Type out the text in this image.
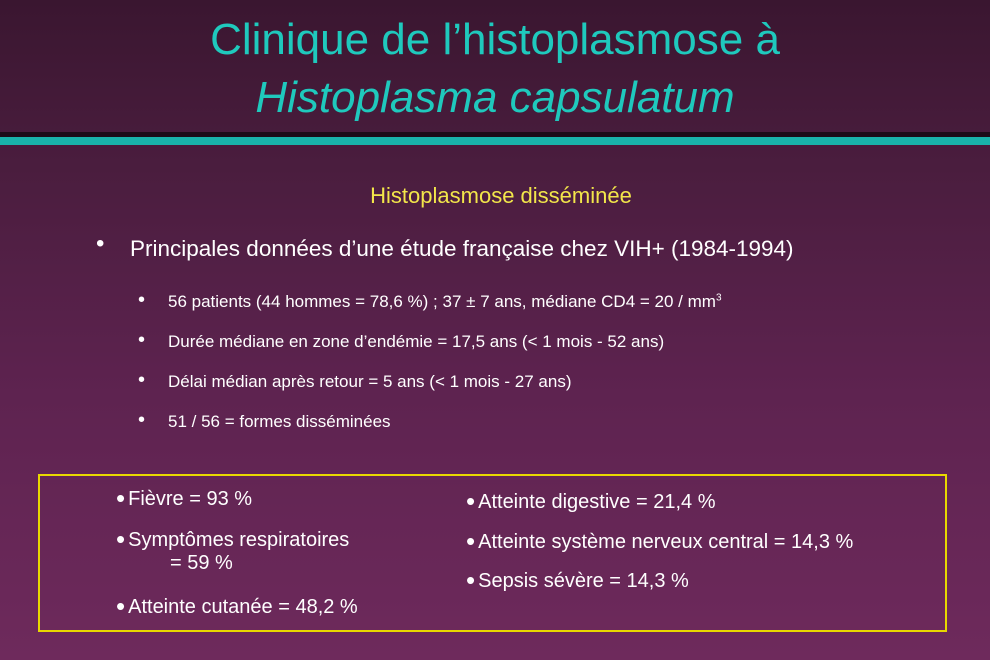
Clinique de l’histoplasmose à
Histoplasma capsulatum
Histoplasmose disséminée
• Principales données d’une étude française chez VIH+ (1984-1994)
• 56 patients (44 hommes = 78,6 %) ; 37 ± 7 ans, médiane $CD4 = 20 / mm^3$
• Durée médiane en zone d’endémie = 17,5 ans (< 1 mois - 52 ans)
• Délai médian après retour = 5 ans (< 1 mois - 27 ans)
• 51 / 56 = formes disséminées
• Fièvre = 93 %
• Symptômes respiratoires
= 59 %
• Atteinte cutanée = 48,2 %
• Atteinte digestive = 21,4 %
• Atteinte système nerveux central = 14,3 %
• Sepsis sévère = 14,3 %
